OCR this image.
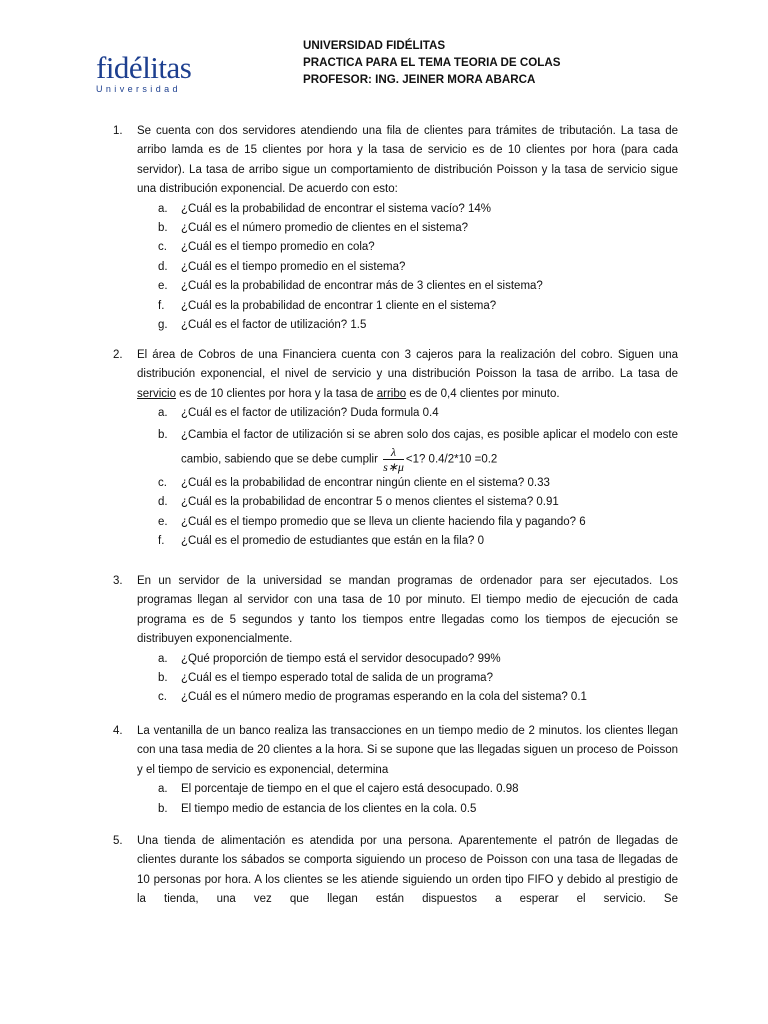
fidélitas
Universidad
UNIVERSIDAD FIDÉLITAS
PRACTICA PARA EL TEMA TEORIA DE COLAS
PROFESOR: ING. JEINER MORA ABARCA
1. Se cuenta con dos servidores atendiendo una fila de clientes para trámites de tributación. La tasa de arribo lamda es de 15 clientes por hora y la tasa de servicio es de 10 clientes por hora (para cada servidor). La tasa de arribo sigue un comportamiento de distribución Poisson y la tasa de servicio sigue una distribución exponencial. De acuerdo con esto:
a. ¿Cuál es la probabilidad de encontrar el sistema vacío? 14%
b. ¿Cuál es el número promedio de clientes en el sistema?
c. ¿Cuál es el tiempo promedio en cola?
d. ¿Cuál es el tiempo promedio en el sistema?
e. ¿Cuál es la probabilidad de encontrar más de 3 clientes en el sistema?
f. ¿Cuál es la probabilidad de encontrar 1 cliente en el sistema?
g. ¿Cuál es el factor de utilización? 1.5
2. El área de Cobros de una Financiera cuenta con 3 cajeros para la realización del cobro. Siguen una distribución exponencial, el nivel de servicio y una distribución Poisson la tasa de arribo. La tasa de servicio es de 10 clientes por hora y la tasa de arribo es de 0,4 clientes por minuto.
a. ¿Cuál es el factor de utilización? Duda formula 0.4
b. ¿Cambia el factor de utilización si se abren solo dos cajas, es posible aplicar el modelo con este cambio, sabiendo que se debe cumplir $\frac{\lambda}{s∗\mu} <1$? 0.4/2*10 =0.2
c. ¿Cuál es la probabilidad de encontrar ningún cliente en el sistema? 0.33
d. ¿Cuál es la probabilidad de encontrar 5 o menos clientes el sistema? 0.91
e. ¿Cuál es el tiempo promedio que se lleva un cliente haciendo fila y pagando? 6
f. ¿Cuál es el promedio de estudiantes que están en la fila? 0
3. En un servidor de la universidad se mandan programas de ordenador para ser ejecutados. Los programas llegan al servidor con una tasa de 10 por minuto. El tiempo medio de ejecución de cada programa es de 5 segundos y tanto los tiempos entre llegadas como los tiempos de ejecución se distribuyen exponencialmente.
a. ¿Qué proporción de tiempo está el servidor desocupado? 99%
b. ¿Cuál es el tiempo esperado total de salida de un programa?
c. ¿Cuál es el número medio de programas esperando en la cola del sistema? 0.1
4. La ventanilla de un banco realiza las transacciones en un tiempo medio de 2 minutos. los clientes llegan con una tasa media de 20 clientes a la hora. Si se supone que las llegadas siguen un proceso de Poisson y el tiempo de servicio es exponencial, determina
a. El porcentaje de tiempo en el que el cajero está desocupado. 0.98
b. El tiempo medio de estancia de los clientes en la cola. 0.5
5. Una tienda de alimentación es atendida por una persona. Aparentemente el patrón de llegadas de clientes durante los sábados se comporta siguiendo un proceso de Poisson con una tasa de llegadas de 10 personas por hora. A los clientes se les atiende siguiendo un orden tipo FIFO y debido al prestigio de la tienda, una vez que llegan están dispuestos a esperar el servicio. Se
